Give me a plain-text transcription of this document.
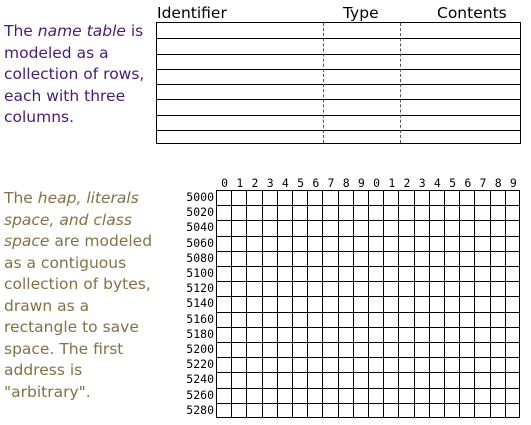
The name table is modeled as a collection of rows, each with three columns.

Identifier	Type	Contents

The heap, literals space, and class space are modeled as a contiguous collection of bytes, drawn as a rectangle to save space. The first address is "arbitrary".

0 1 2 3 4 5 6 7 8 9 0 1 2 3 4 5 6 7 8 9
5000
5020
5040
5060
5080
5100
5120
5140
5160
5180
5200
5220
5240
5260
5280
